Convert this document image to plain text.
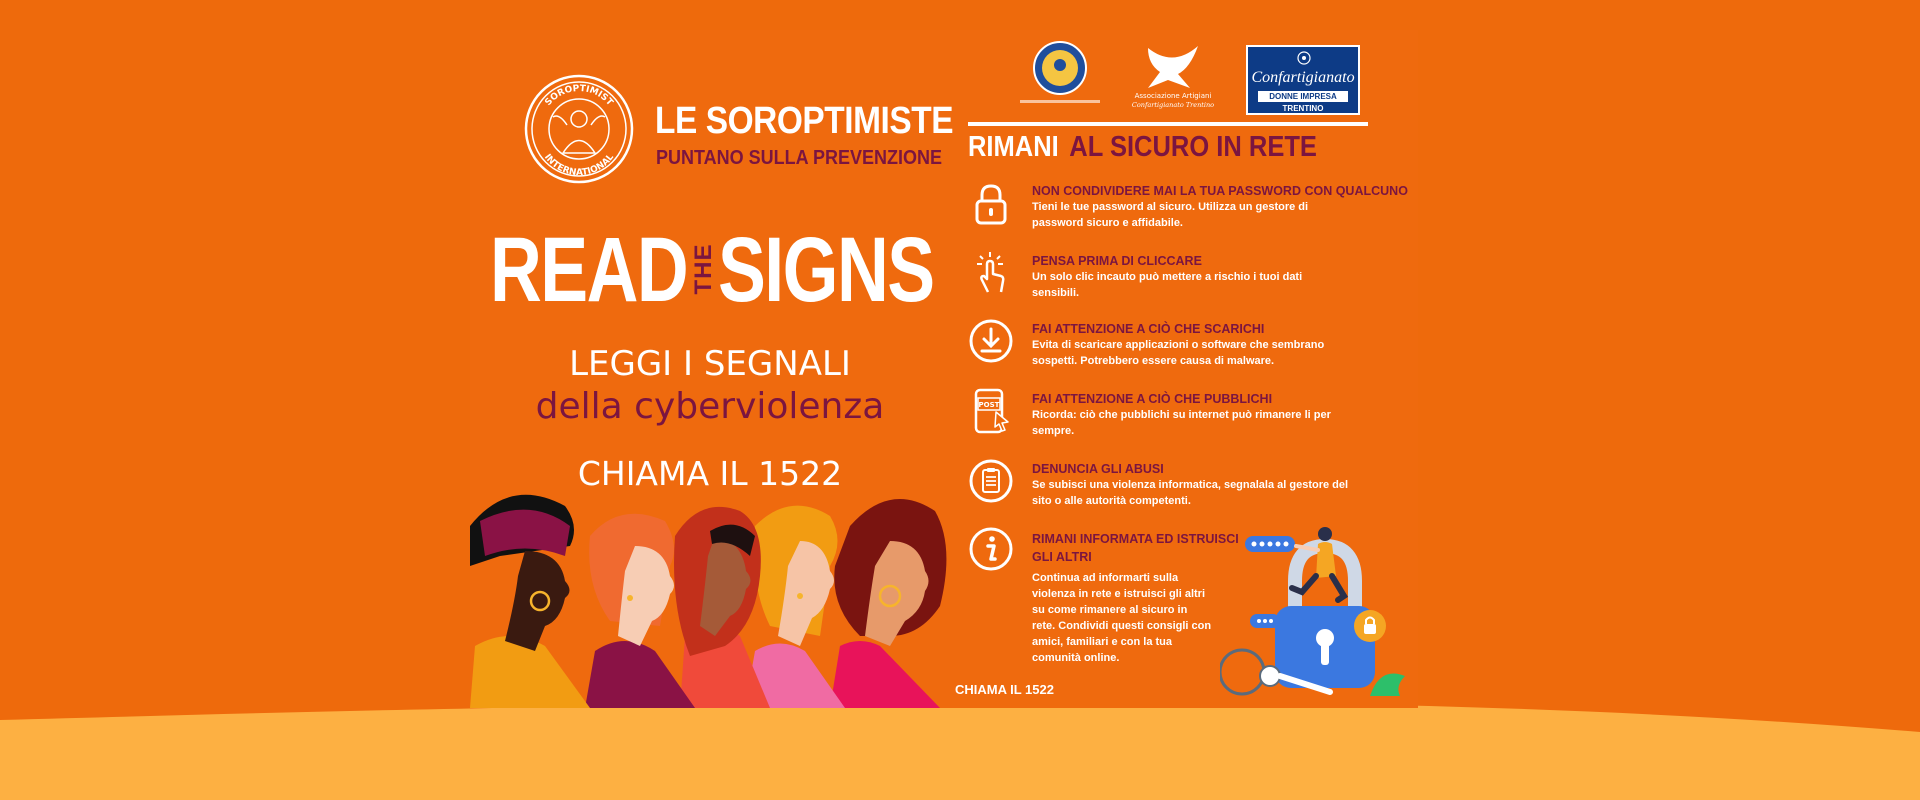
SOROPTIMIST
INTERNATIONAL
LE SOROPTIMISTE
PUNTANO SULLA PREVENZIONE
READ THE SIGNS
LEGGI I SEGNALI
della cyberviolenza
CHIAMA IL 1522
Associazione Artigiani
Confartigianato Trentino
Confartigianato
DONNE IMPRESA
TRENTINO
RIMANI AL SICURO IN RETE
NON CONDIVIDERE MAI LA TUA PASSWORD CON QUALCUNO
Tieni le tue password al sicuro. Utilizza un gestore di
password sicuro e affidabile.
PENSA PRIMA DI CLICCARE
Un solo clic incauto può mettere a rischio i tuoi dati
sensibili.
FAI ATTENZIONE A CIÒ CHE SCARICHI
Evita di scaricare applicazioni o software che sembrano
sospetti. Potrebbero essere causa di malware.
POST	FAI ATTENZIONE A CIÒ CHE PUBBLICHI
Ricorda: ciò che pubblichi su internet può rimanere li per
sempre.
DENUNCIA GLI ABUSI
Se subisci una violenza informatica, segnalala al gestore del
sito o alle autorità competenti.
RIMANI INFORMATA ED ISTRUISCI
GLI ALTRI
Continua ad informarti sulla
violenza in rete e istruisci gli altri
su come rimanere al sicuro in
rete. Condividi questi consigli con
amici, familiari e con la tua
comunità online.
CHIAMA IL 1522
